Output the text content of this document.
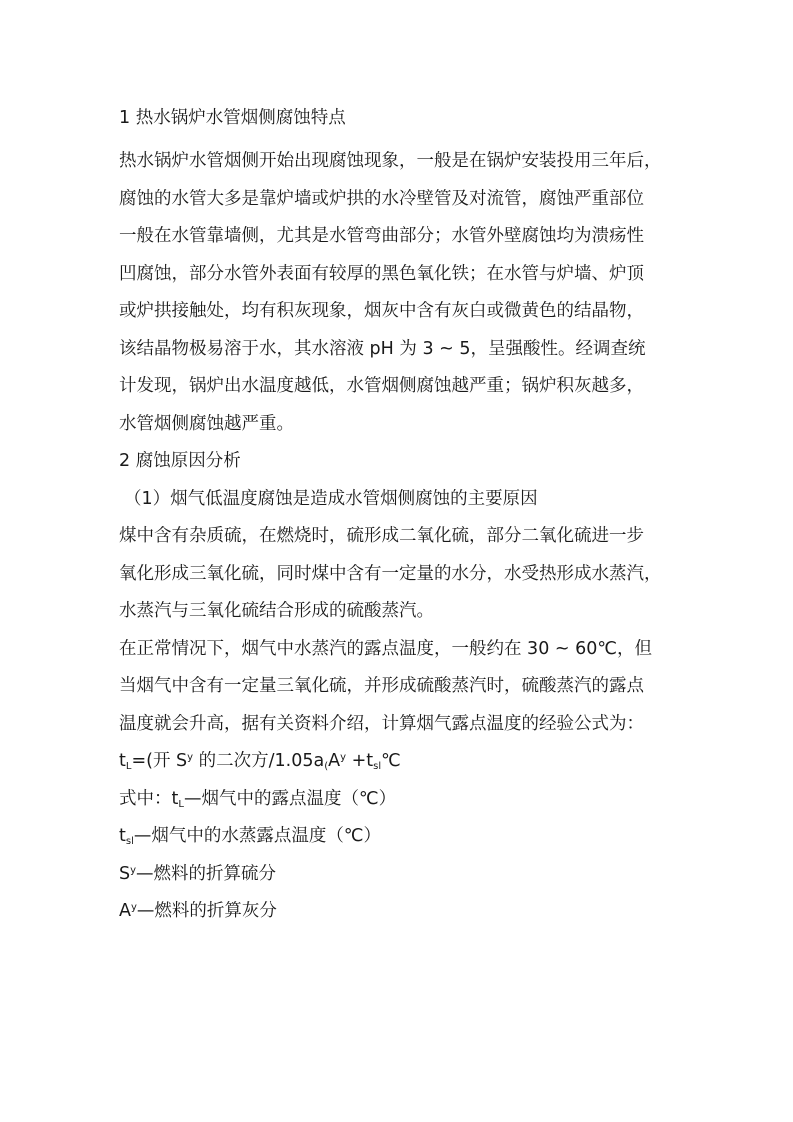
1 热水锅炉水管烟侧腐蚀特点
热水锅炉水管烟侧开始出现腐蚀现象，一般是在锅炉安装投用三年后，
腐蚀的水管大多是靠炉墙或炉拱的水冷壁管及对流管，腐蚀严重部位
一般在水管靠墙侧，尤其是水管弯曲部分；水管外壁腐蚀均为溃疡性
凹腐蚀，部分水管外表面有较厚的黑色氧化铁；在水管与炉墙、炉顶
或炉拱接触处，均有积灰现象，烟灰中含有灰白或微黄色的结晶物，
该结晶物极易溶于水，其水溶液 pH 为 3 ~ 5，呈强酸性。经调查统
计发现，锅炉出水温度越低，水管烟侧腐蚀越严重；锅炉积灰越多，
水管烟侧腐蚀越严重。
2 腐蚀原因分析
（1）烟气低温度腐蚀是造成水管烟侧腐蚀的主要原因
煤中含有杂质硫，在燃烧时，硫形成二氧化硫，部分二氧化硫进一步
氧化形成三氧化硫，同时煤中含有一定量的水分，水受热形成水蒸汽，
水蒸汽与三氧化硫结合形成的硫酸蒸汽。
在正常情况下，烟气中水蒸汽的露点温度，一般约在 30 ~ 60℃，但
当烟气中含有一定量三氧化硫，并形成硫酸蒸汽时，硫酸蒸汽的露点
温度就会升高，据有关资料介绍，计算烟气露点温度的经验公式为：
$t_L=$(开 $S^y$ 的二次方$/1.05a_(A^y$ $+t_{sl}℃$
式中：$t_L—$烟气中的露点温度（℃）
$t_{sl}—$烟气中的水蒸露点温度（℃）
$S^y—$燃料的折算硫分
$A^y—$燃料的折算灰分
